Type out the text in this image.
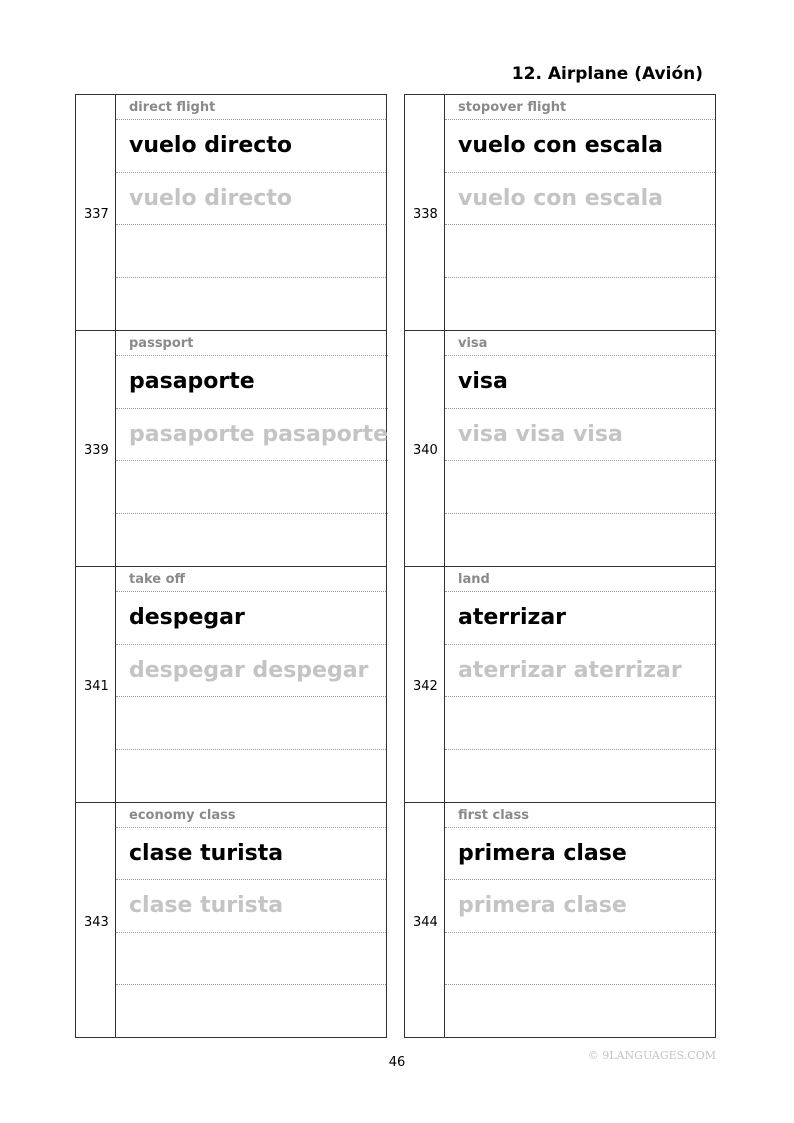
12. Airplane (Avión)
337
direct flight
vuelo directo
vuelo directo
339
passport
pasaporte
pasaporte pasaporte
341
take off
despegar
despegar despegar
343
economy class
clase turista
clase turista
338
stopover flight
vuelo con escala
vuelo con escala
340
visa
visa
visa visa visa
342
land
aterrizar
aterrizar aterrizar
344
first class
primera clase
primera clase
46	© 9LANGUAGES.COM
